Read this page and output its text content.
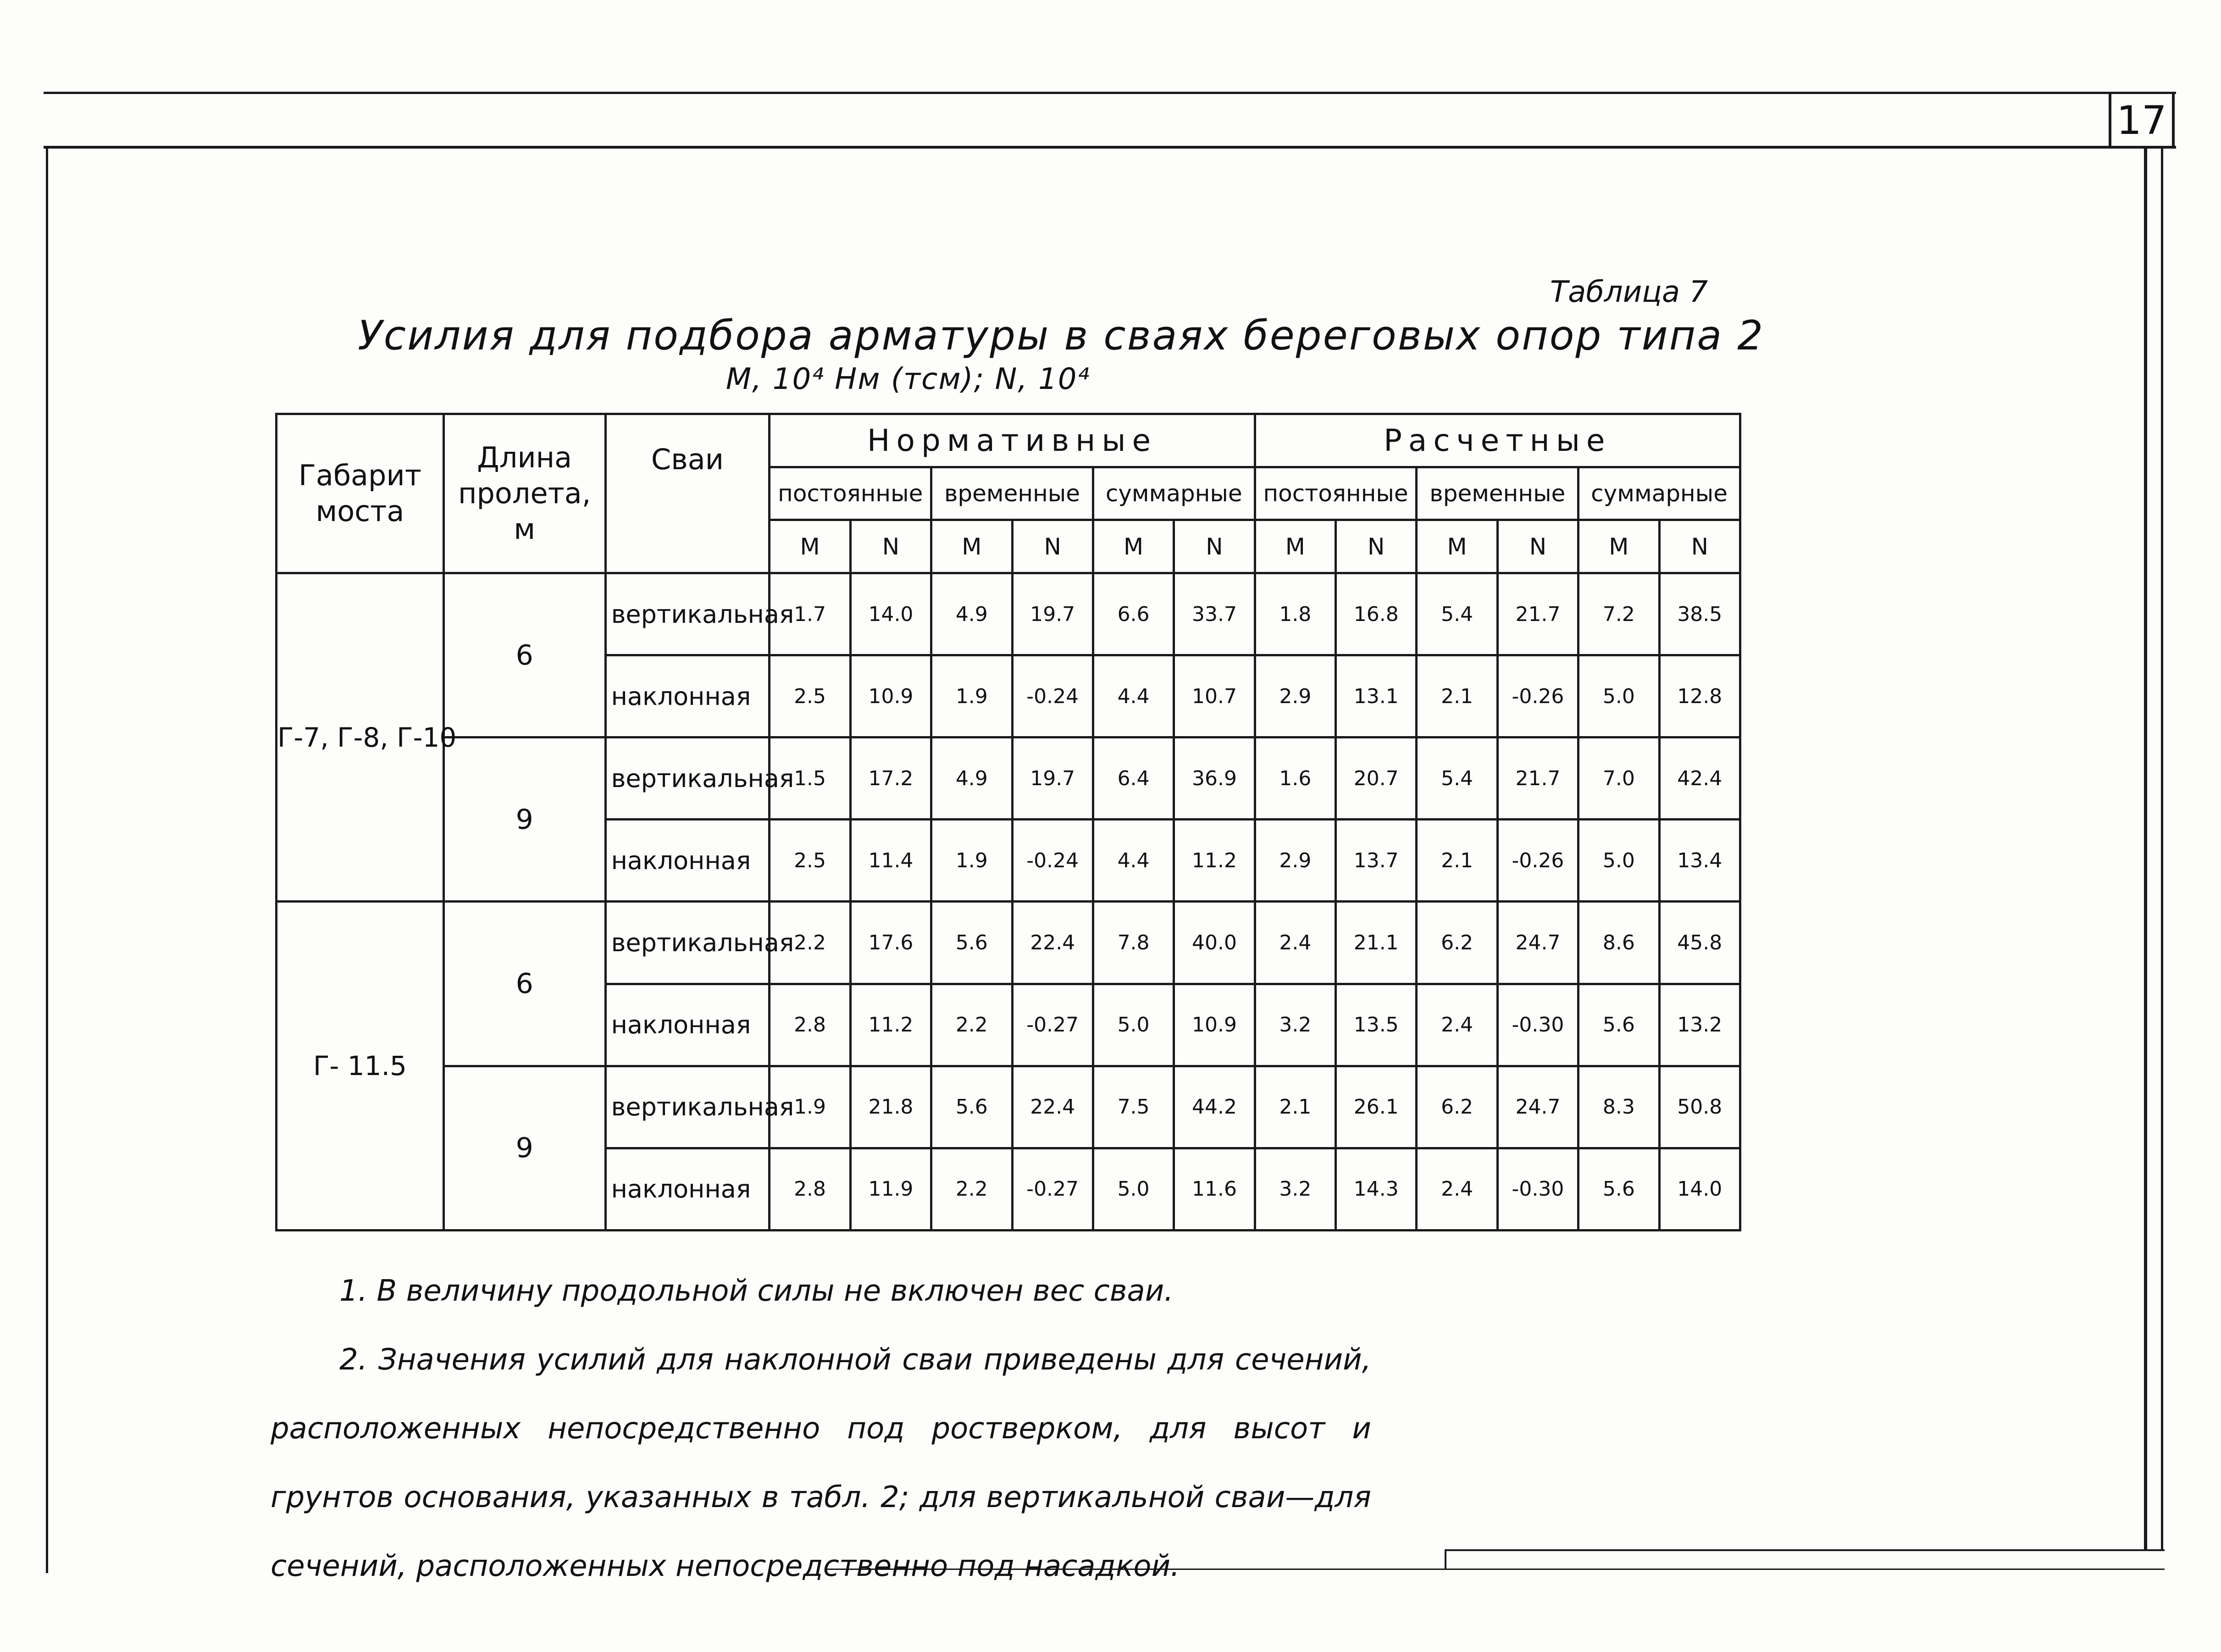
17
Таблица 7
Усилия для подбора арматуры в сваях береговых опор типа 2
M, 10⁴ Нм (тсм); N, 10⁴
Габарит моста	Длина пролета, м	Сваи	Нормативные						Расчетные					
			постоянные		временные		суммарные		постоянные		временные		суммарные	
			M	N	M	N	M	N	M	N	M	N	M	N
Г-7, Г-8, Г-10	6	вертикальная	1.7	14.0	4.9	19.7	6.6	33.7	1.8	16.8	5.4	21.7	7.2	38.5
		наклонная	2.5	10.9	1.9	-0.24	4.4	10.7	2.9	13.1	2.1	-0.26	5.0	12.8
	9	вертикальная	1.5	17.2	4.9	19.7	6.4	36.9	1.6	20.7	5.4	21.7	7.0	42.4
		наклонная	2.5	11.4	1.9	-0.24	4.4	11.2	2.9	13.7	2.1	-0.26	5.0	13.4
Г- 11.5	6	вертикальная	2.2	17.6	5.6	22.4	7.8	40.0	2.4	21.1	6.2	24.7	8.6	45.8
		наклонная	2.8	11.2	2.2	-0.27	5.0	10.9	3.2	13.5	2.4	-0.30	5.6	13.2
	9	вертикальная	1.9	21.8	5.6	22.4	7.5	44.2	2.1	26.1	6.2	24.7	8.3	50.8
		наклонная	2.8	11.9	2.2	-0.27	5.0	11.6	3.2	14.3	2.4	-0.30	5.6	14.0
1. В величину продольной силы не включен вес сваи.
2. Значения усилий для наклонной сваи приведены для сечений, расположенных непосредственно под ростверком, для высот и грунтов основания, указанных в табл. 2; для вертикальной сваи—для сечений, расположенных непосредственно под насадкой.
